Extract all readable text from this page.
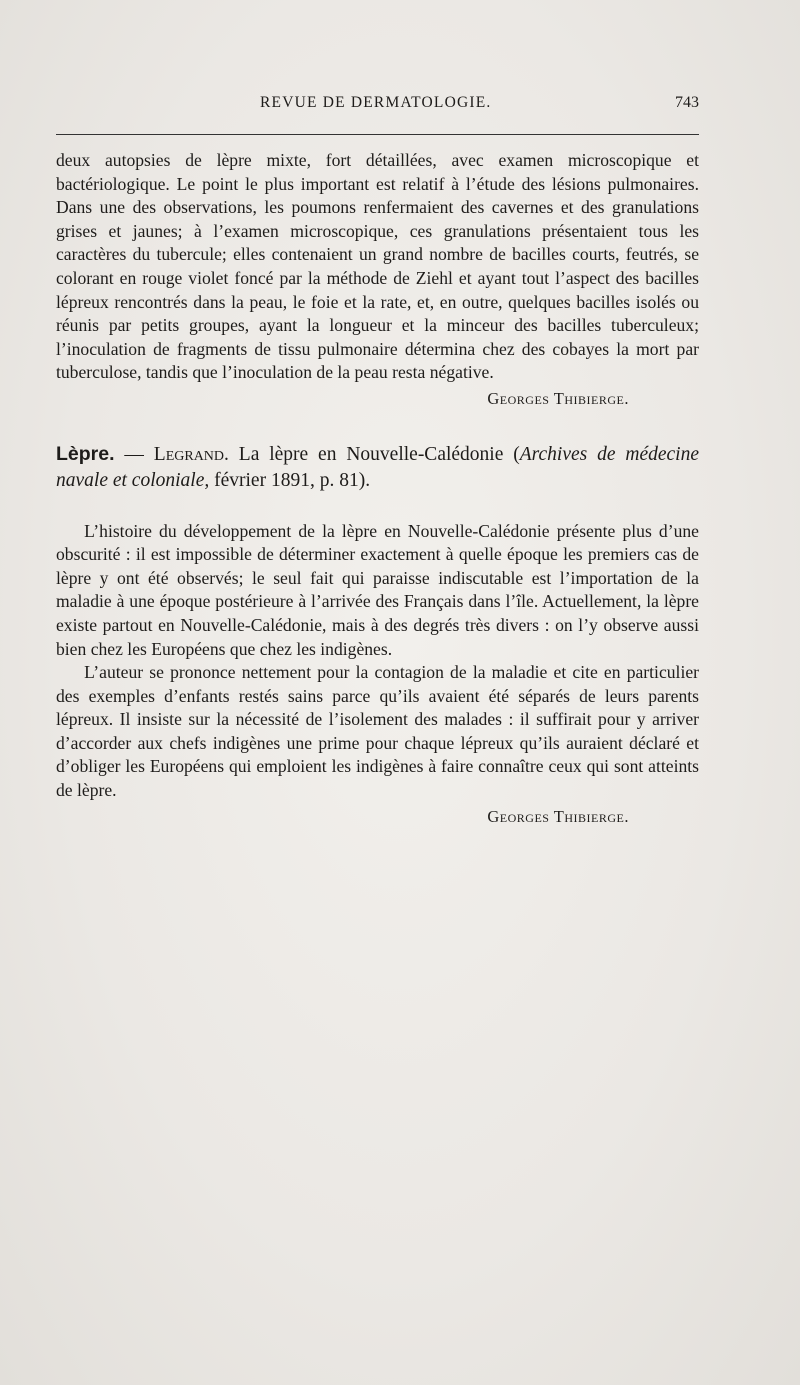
REVUE DE DERMATOLOGIE.	743

deux autopsies de lèpre mixte, fort détaillées, avec examen microscopique et bactériologique. Le point le plus important est relatif à l’étude des lésions pulmonaires. Dans une des observations, les poumons renfermaient des cavernes et des granulations grises et jaunes; à l’examen microscopique, ces granulations présentaient tous les caractères du tubercule; elles contenaient un grand nombre de bacilles courts, feutrés, se colorant en rouge violet foncé par la méthode de Ziehl et ayant tout l’aspect des bacilles lépreux rencontrés dans la peau, le foie et la rate, et, en outre, quelques bacilles isolés ou réunis par petits groupes, ayant la longueur et la minceur des bacilles tuberculeux; l’inoculation de fragments de tissu pulmonaire détermina chez des cobayes la mort par tuberculose, tandis que l’inoculation de la peau resta négative.

Georges Thibierge.

Lèpre. — Legrand. La lèpre en Nouvelle-Calédonie (Archives de médecine navale et coloniale, février 1891, p. 81).

L’histoire du développement de la lèpre en Nouvelle-Calédonie présente plus d’une obscurité : il est impossible de déterminer exactement à quelle époque les premiers cas de lèpre y ont été observés; le seul fait qui paraisse indiscutable est l’importation de la maladie à une époque postérieure à l’arrivée des Français dans l’île. Actuellement, la lèpre existe partout en Nouvelle-Calédonie, mais à des degrés très divers : on l’y observe aussi bien chez les Européens que chez les indigènes.

L’auteur se prononce nettement pour la contagion de la maladie et cite en particulier des exemples d’enfants restés sains parce qu’ils avaient été séparés de leurs parents lépreux. Il insiste sur la nécessité de l’isolement des malades : il suffirait pour y arriver d’accorder aux chefs indigènes une prime pour chaque lépreux qu’ils auraient déclaré et d’obliger les Européens qui emploient les indigènes à faire connaître ceux qui sont atteints de lèpre.

Georges Thibierge.
